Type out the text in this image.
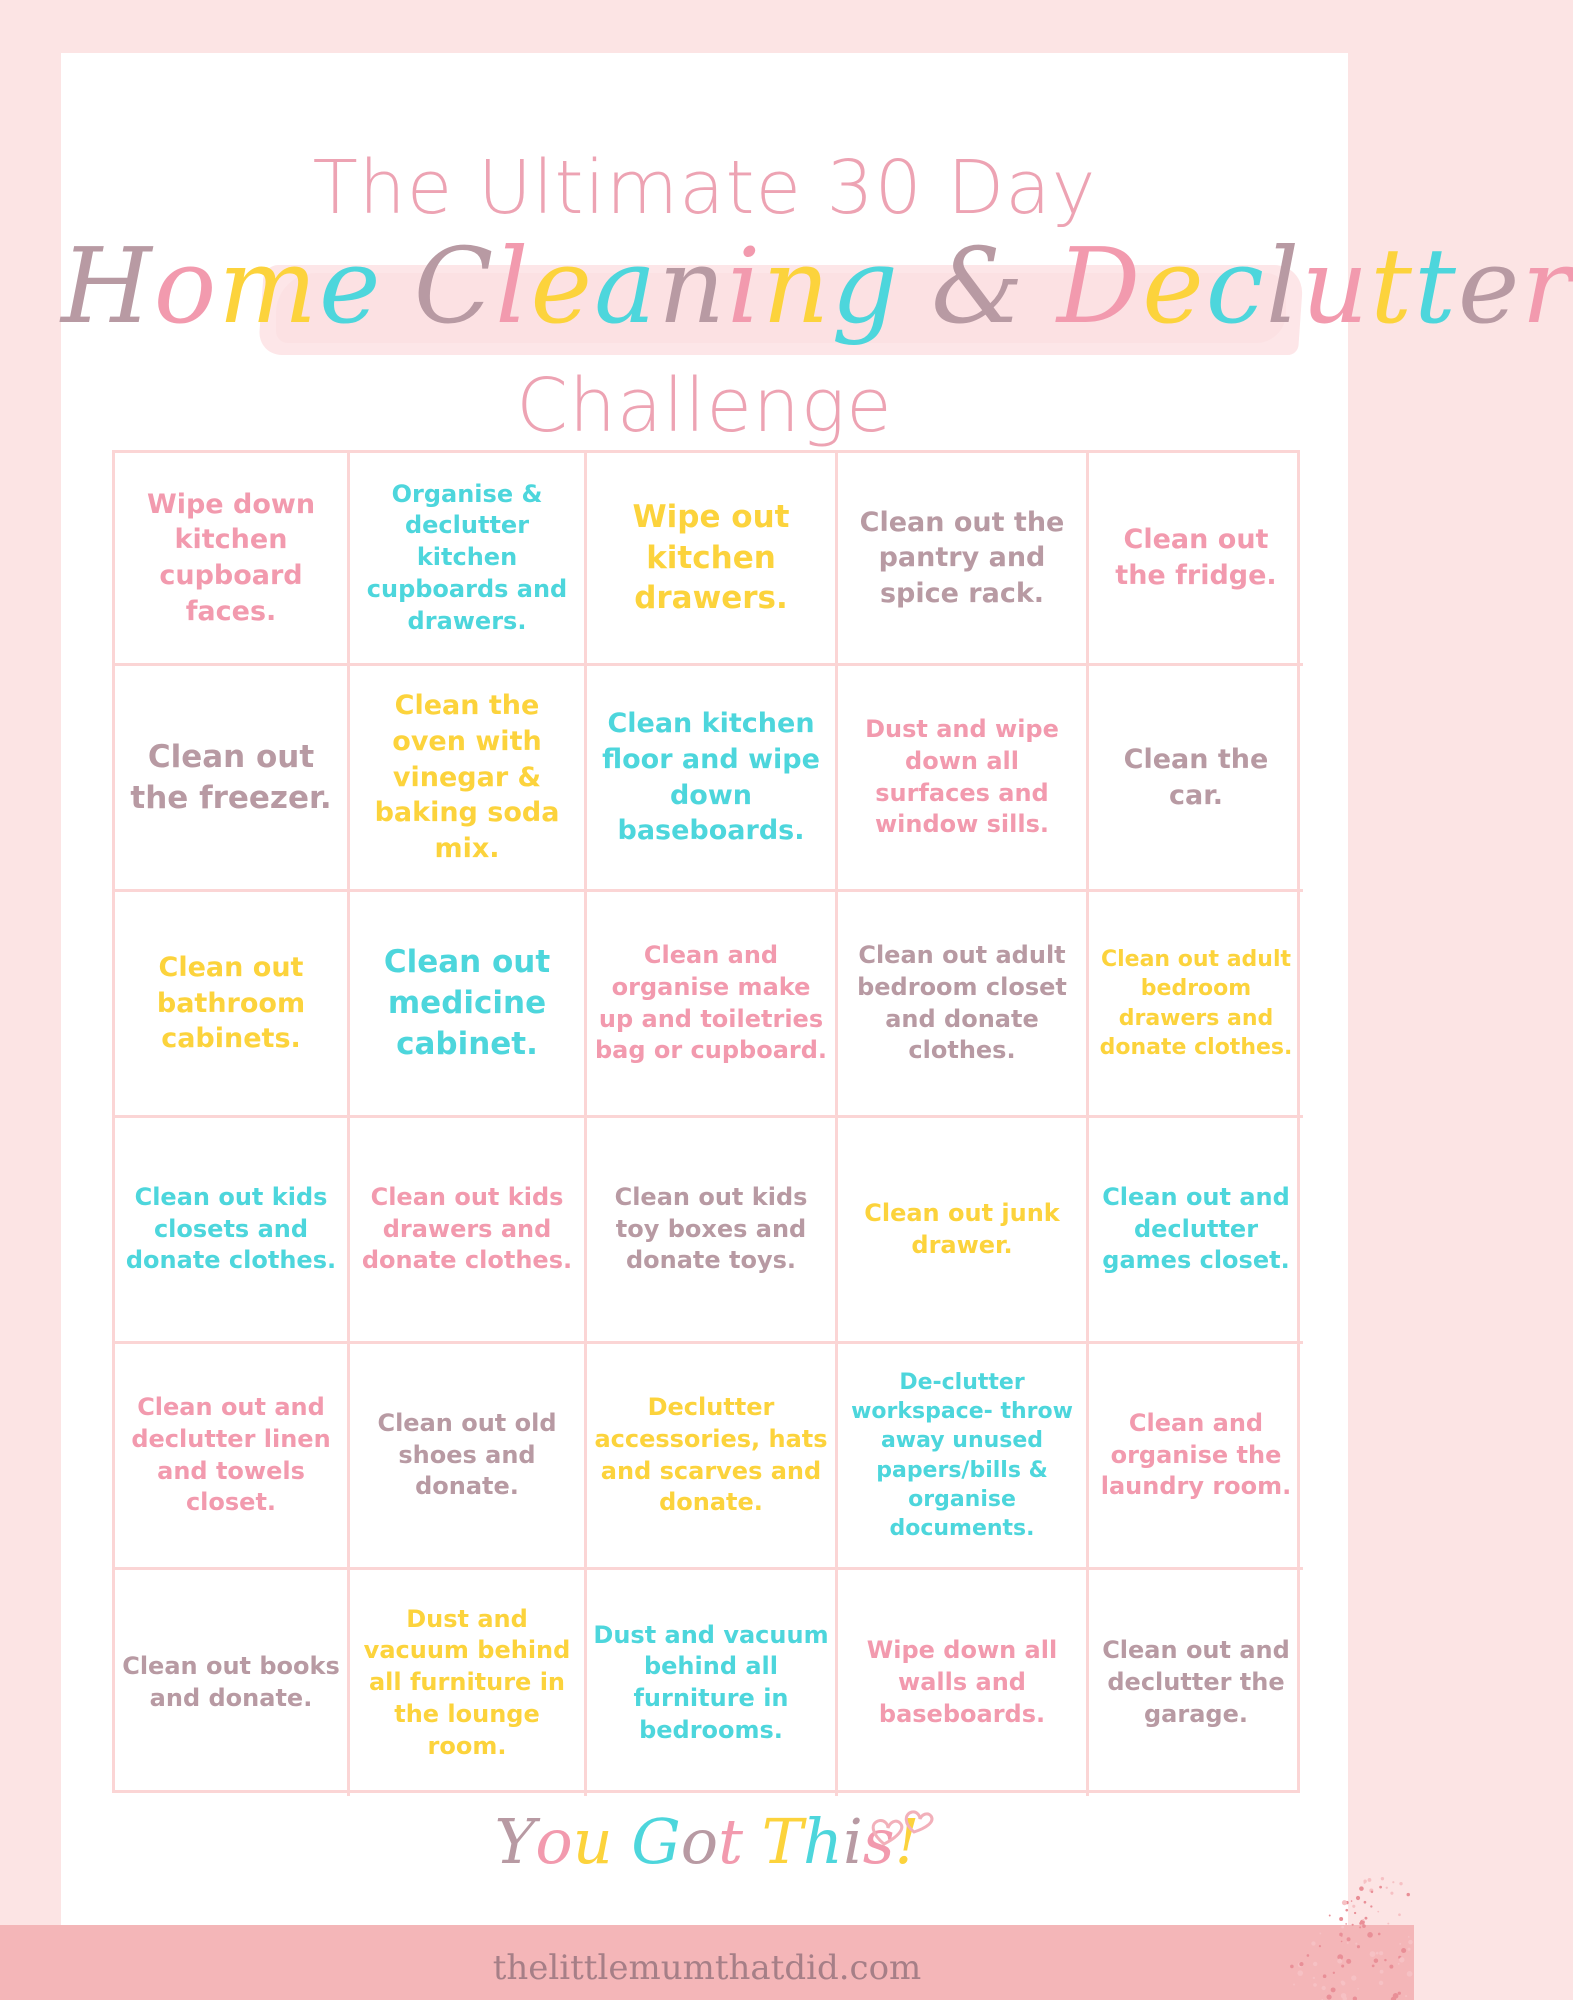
The Ultimate 30 Day
Home Cleaning & Declutter
Challenge
Wipe down kitchen cupboard faces.
Organise & declutter kitchen cupboards and drawers.
Wipe out kitchen drawers.
Clean out the pantry and spice rack.
Clean out the fridge.
Clean out the freezer.
Clean the oven with vinegar & baking soda mix.
Clean kitchen floor and wipe down baseboards.
Dust and wipe down all surfaces and window sills.
Clean the car.
Clean out bathroom cabinets.
Clean out medicine cabinet.
Clean and organise make up and toiletries bag or cupboard.
Clean out adult bedroom closet and donate clothes.
Clean out adult bedroom drawers and donate clothes.
Clean out kids closets and donate clothes.
Clean out kids drawers and donate clothes.
Clean out kids toy boxes and donate toys.
Clean out junk drawer.
Clean out and declutter games closet.
Clean out and declutter linen and towels closet.
Clean out old shoes and donate.
Declutter accessories, hats and scarves and donate.
De-clutter workspace- throw away unused papers/bills & organise documents.
Clean and organise the laundry room.
Clean out books and donate.
Dust and vacuum behind all furniture in the lounge room.
Dust and vacuum behind all furniture in bedrooms.
Wipe down all walls and baseboards.
Clean out and declutter the garage.
You Got This!
thelittlemumthatdid.com
